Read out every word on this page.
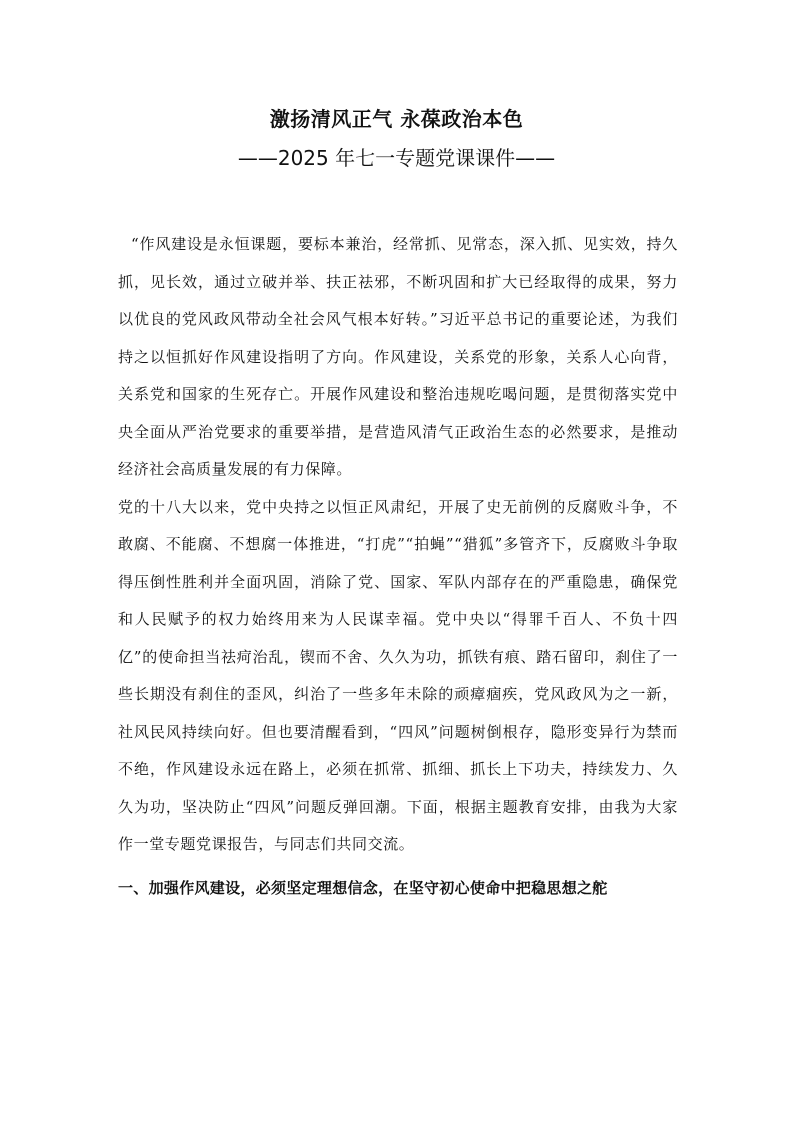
激扬清风正气 永葆政治本色
——2025 年七一专题党课课件——

“作风建设是永恒课题，要标本兼治，经常抓、见常态，深入抓、见实效，持久抓，见长效，通过立破并举、扶正祛邪，不断巩固和扩大已经取得的成果，努力以优良的党风政风带动全社会风气根本好转。”习近平总书记的重要论述，为我们持之以恒抓好作风建设指明了方向。作风建设，关系党的形象，关系人心向背，关系党和国家的生死存亡。开展作风建设和整治违规吃喝问题，是贯彻落实党中央全面从严治党要求的重要举措，是营造风清气正政治生态的必然要求，是推动经济社会高质量发展的有力保障。

党的十八大以来，党中央持之以恒正风肃纪，开展了史无前例的反腐败斗争，不敢腐、不能腐、不想腐一体推进，“打虎”“拍蝇”“猎狐”多管齐下，反腐败斗争取得压倒性胜利并全面巩固，消除了党、国家、军队内部存在的严重隐患，确保党和人民赋予的权力始终用来为人民谋幸福。党中央以“得罪千百人、不负十四亿”的使命担当祛疴治乱，锲而不舍、久久为功，抓铁有痕、踏石留印，刹住了一些长期没有刹住的歪风，纠治了一些多年未除的顽瘴痼疾，党风政风为之一新，社风民风持续向好。但也要清醒看到，“四风”问题树倒根存，隐形变异行为禁而不绝，作风建设永远在路上，必须在抓常、抓细、抓长上下功夫，持续发力、久久为功，坚决防止“四风”问题反弹回潮。下面，根据主题教育安排，由我为大家作一堂专题党课报告，与同志们共同交流。

一、加强作风建设，必须坚定理想信念，在坚守初心使命中把稳思想之舵
